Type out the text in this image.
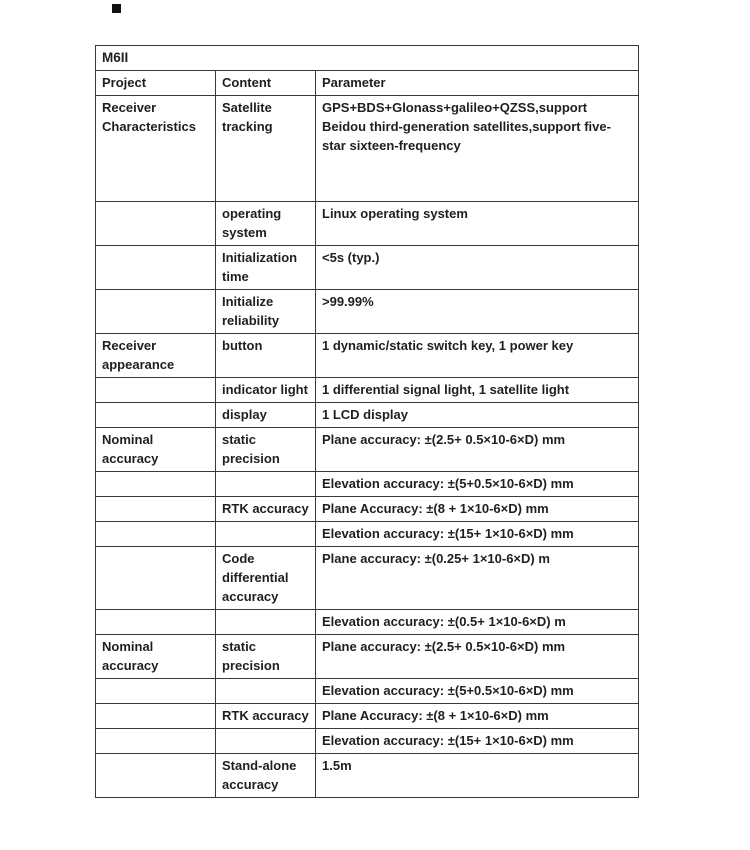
M6II		
Project	Content	Parameter
Receiver Characteristics	Satellite tracking	GPS+BDS+Glonass+galileo+QZSS,support Beidou third-generation satellites,support five-star sixteen-frequency
	operating system	Linux operating system
	Initialization time	<5s (typ.)
	Initialize reliability	>99.99%
Receiver appearance	button	1 dynamic/static switch key, 1 power key
	indicator light	1 differential signal light, 1 satellite light
	display	1 LCD display
Nominal accuracy	static precision	Plane accuracy: ±(2.5+ 0.5×10-6×D) mm
		Elevation accuracy: ±(5+0.5×10-6×D) mm
	RTK accuracy	Plane Accuracy: ±(8 + 1×10-6×D) mm
		Elevation accuracy: ±(15+ 1×10-6×D) mm
	Code differential accuracy	Plane accuracy: ±(0.25+ 1×10-6×D) m
		Elevation accuracy: ±(0.5+ 1×10-6×D) m
Nominal accuracy	static precision	Plane accuracy: ±(2.5+ 0.5×10-6×D) mm
		Elevation accuracy: ±(5+0.5×10-6×D) mm
	RTK accuracy	Plane Accuracy: ±(8 + 1×10-6×D) mm
		Elevation accuracy: ±(15+ 1×10-6×D) mm
	Stand-alone accuracy	1.5m
